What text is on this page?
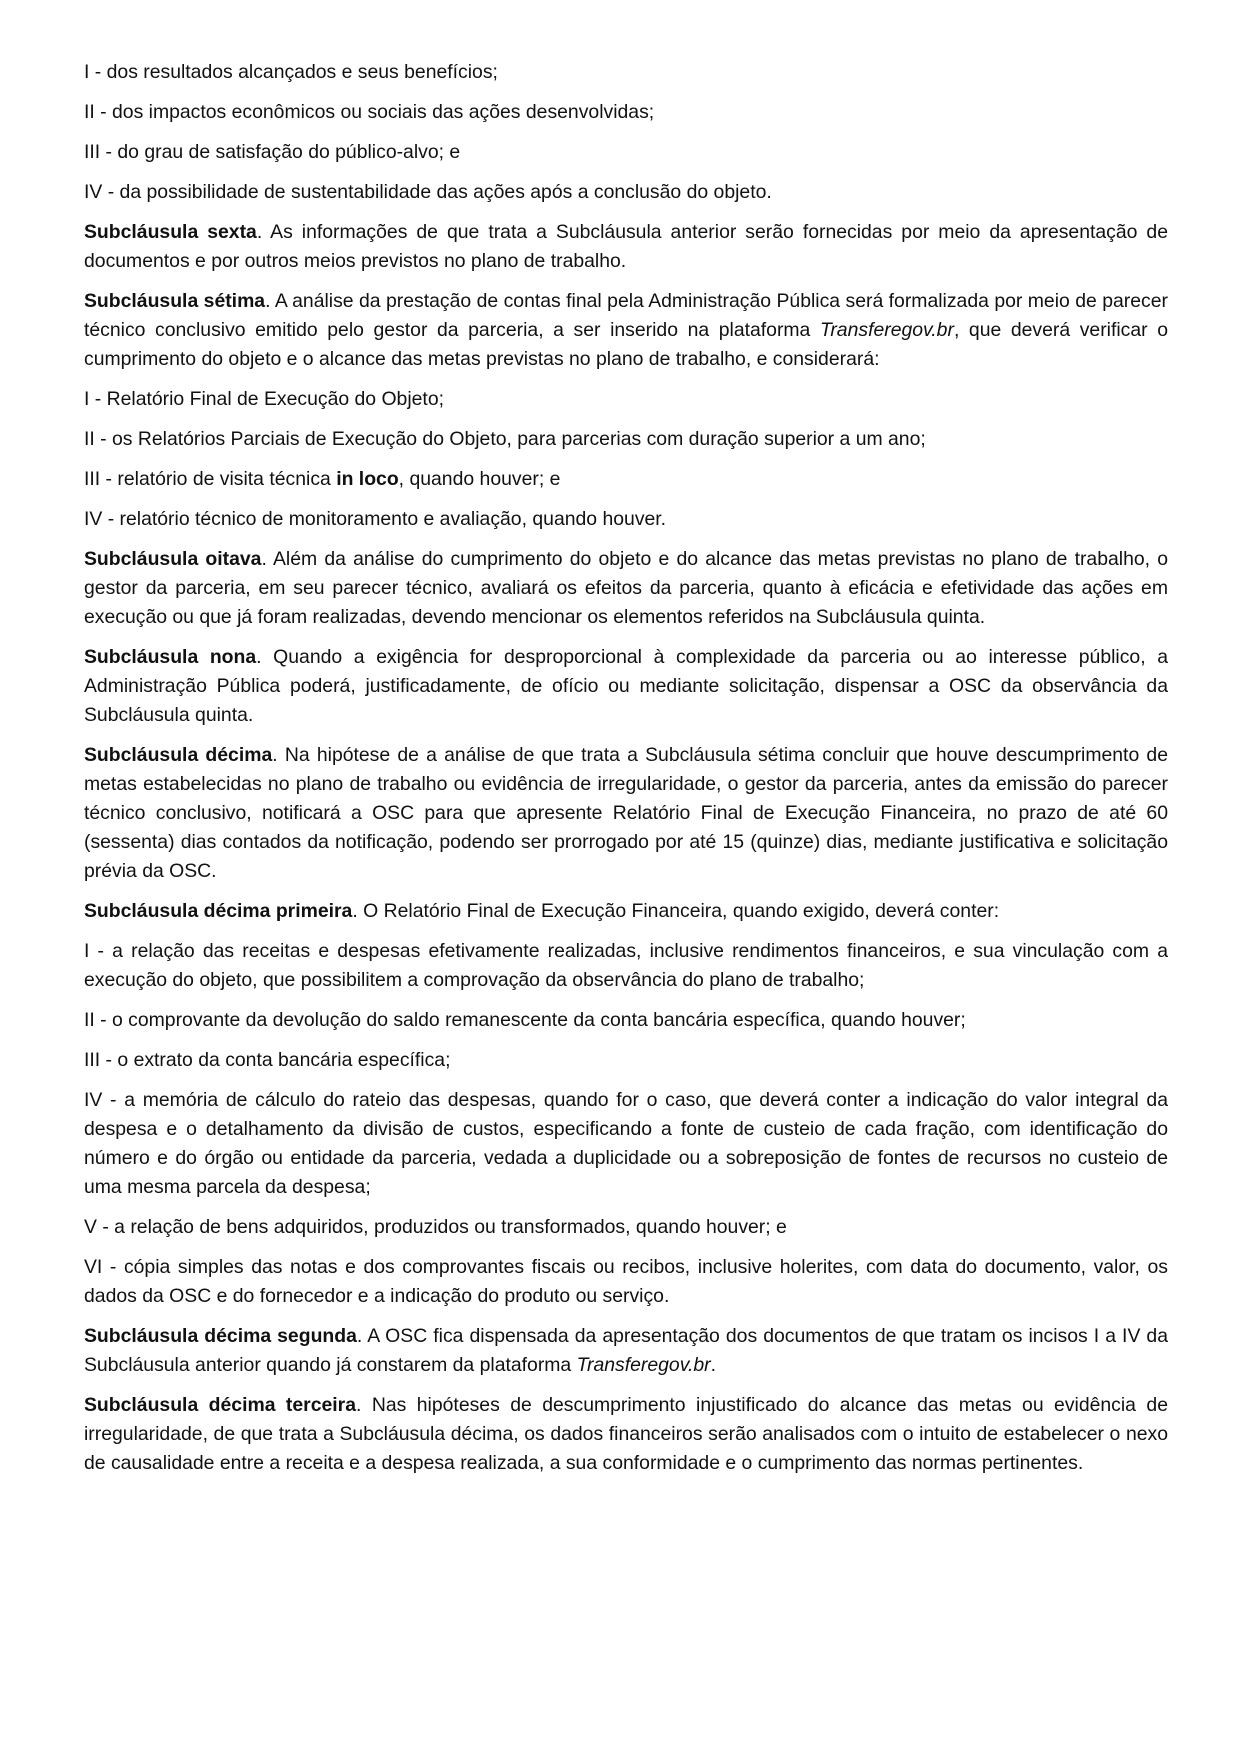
I - dos resultados alcançados e seus benefícios;

II - dos impactos econômicos ou sociais das ações desenvolvidas;

III - do grau de satisfação do público-alvo; e

IV - da possibilidade de sustentabilidade das ações após a conclusão do objeto.

Subcláusula sexta. As informações de que trata a Subcláusula anterior serão fornecidas por meio da apresentação de documentos e por outros meios previstos no plano de trabalho.

Subcláusula sétima. A análise da prestação de contas final pela Administração Pública será formalizada por meio de parecer técnico conclusivo emitido pelo gestor da parceria, a ser inserido na plataforma Transferegov.br, que deverá verificar o cumprimento do objeto e o alcance das metas previstas no plano de trabalho, e considerará:

I - Relatório Final de Execução do Objeto;

II - os Relatórios Parciais de Execução do Objeto, para parcerias com duração superior a um ano;

III - relatório de visita técnica in loco, quando houver; e

IV - relatório técnico de monitoramento e avaliação, quando houver.

Subcláusula oitava. Além da análise do cumprimento do objeto e do alcance das metas previstas no plano de trabalho, o gestor da parceria, em seu parecer técnico, avaliará os efeitos da parceria, quanto à eficácia e efetividade das ações em execução ou que já foram realizadas, devendo mencionar os elementos referidos na Subcláusula quinta.

Subcláusula nona. Quando a exigência for desproporcional à complexidade da parceria ou ao interesse público, a Administração Pública poderá, justificadamente, de ofício ou mediante solicitação, dispensar a OSC da observância da Subcláusula quinta.

Subcláusula décima. Na hipótese de a análise de que trata a Subcláusula sétima concluir que houve descumprimento de metas estabelecidas no plano de trabalho ou evidência de irregularidade, o gestor da parceria, antes da emissão do parecer técnico conclusivo, notificará a OSC para que apresente Relatório Final de Execução Financeira, no prazo de até 60 (sessenta) dias contados da notificação, podendo ser prorrogado por até 15 (quinze) dias, mediante justificativa e solicitação prévia da OSC.

Subcláusula décima primeira. O Relatório Final de Execução Financeira, quando exigido, deverá conter:

I - a relação das receitas e despesas efetivamente realizadas, inclusive rendimentos financeiros, e sua vinculação com a execução do objeto, que possibilitem a comprovação da observância do plano de trabalho;

II - o comprovante da devolução do saldo remanescente da conta bancária específica, quando houver;

III - o extrato da conta bancária específica;

IV - a memória de cálculo do rateio das despesas, quando for o caso, que deverá conter a indicação do valor integral da despesa e o detalhamento da divisão de custos, especificando a fonte de custeio de cada fração, com identificação do número e do órgão ou entidade da parceria, vedada a duplicidade ou a sobreposição de fontes de recursos no custeio de uma mesma parcela da despesa;

V - a relação de bens adquiridos, produzidos ou transformados, quando houver; e

VI - cópia simples das notas e dos comprovantes fiscais ou recibos, inclusive holerites, com data do documento, valor, os dados da OSC e do fornecedor e a indicação do produto ou serviço.

Subcláusula décima segunda. A OSC fica dispensada da apresentação dos documentos de que tratam os incisos I a IV da Subcláusula anterior quando já constarem da plataforma Transferegov.br.

Subcláusula décima terceira. Nas hipóteses de descumprimento injustificado do alcance das metas ou evidência de irregularidade, de que trata a Subcláusula décima, os dados financeiros serão analisados com o intuito de estabelecer o nexo de causalidade entre a receita e a despesa realizada, a sua conformidade e o cumprimento das normas pertinentes.
